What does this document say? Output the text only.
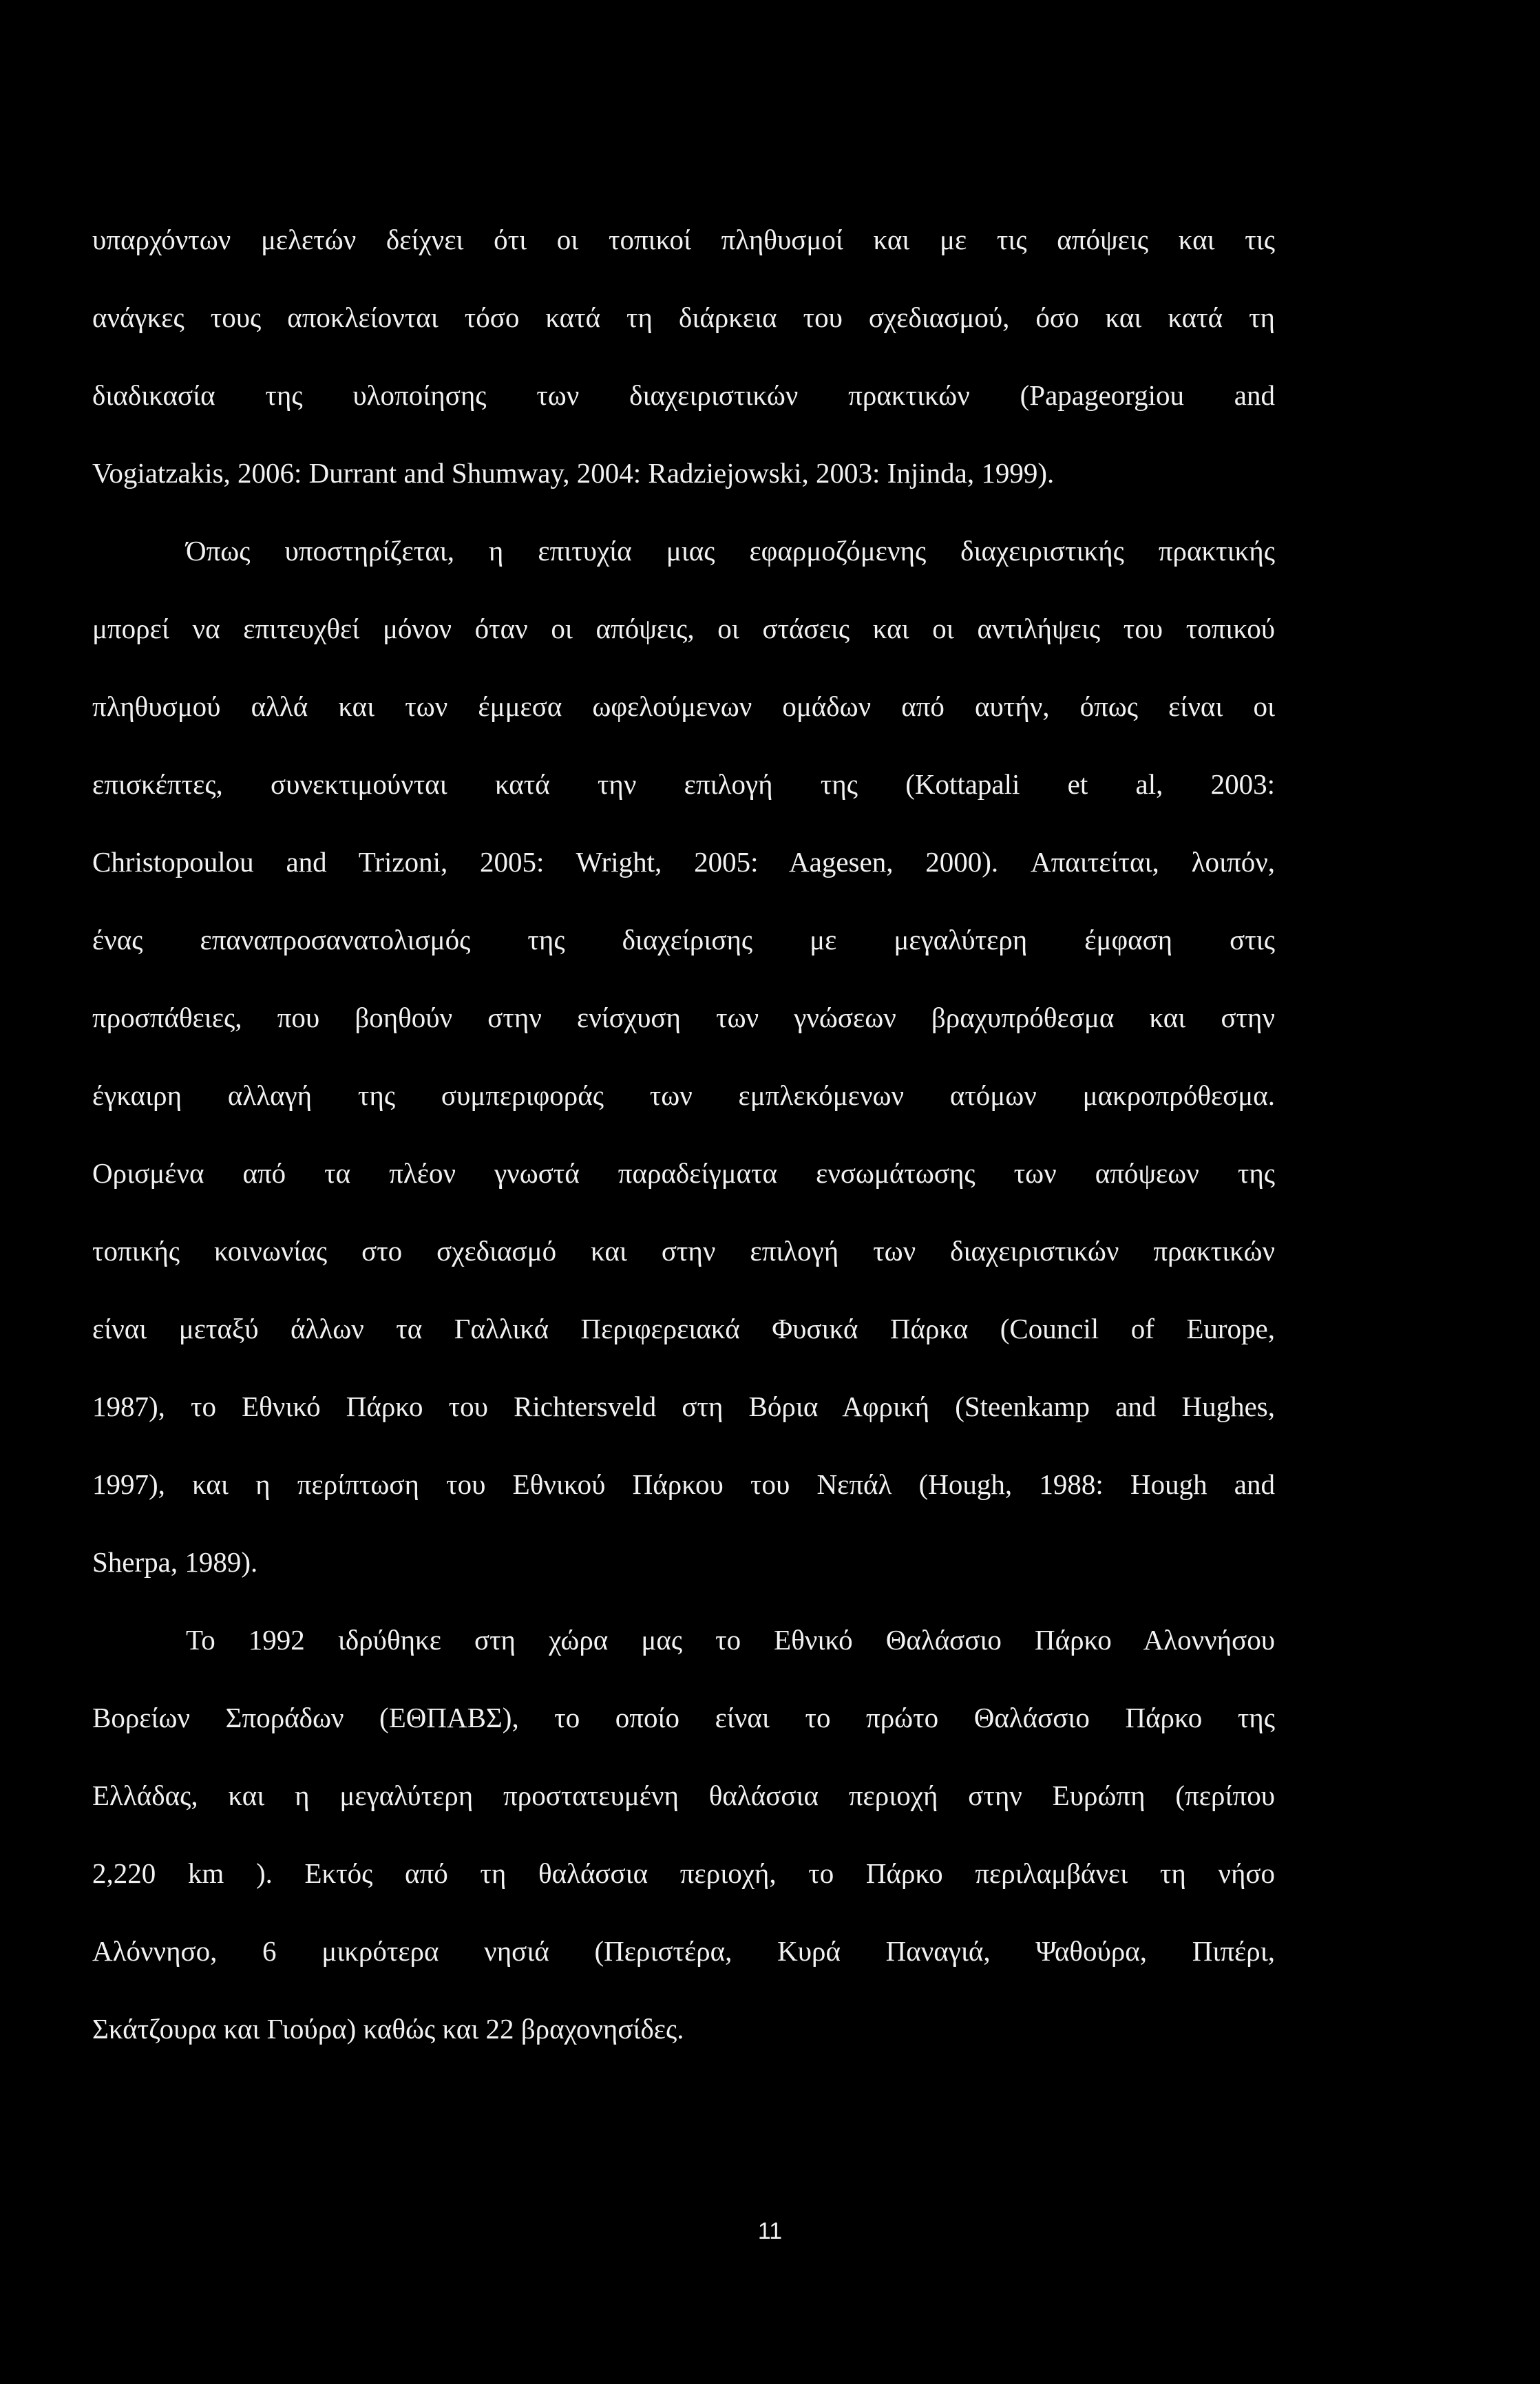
υπαρχόντων μελετών δείχνει ότι οι τοπικοί πληθυσμοί και με τις απόψεις και τις
ανάγκες τους αποκλείονται τόσο κατά τη διάρκεια του σχεδιασμού, όσο και κατά τη
διαδικασία της υλοποίησης των διαχειριστικών πρακτικών (Papageorgiou and
Vogiatzakis, 2006: Durrant and Shumway, 2004: Radziejowski, 2003: Injinda, 1999).
Όπως υποστηρίζεται, η επιτυχία μιας εφαρμοζόμενης διαχειριστικής πρακτικής
μπορεί να επιτευχθεί μόνον όταν οι απόψεις, οι στάσεις και οι αντιλήψεις του τοπικού
πληθυσμού αλλά και των έμμεσα ωφελούμενων ομάδων από αυτήν, όπως είναι οι
επισκέπτες, συνεκτιμούνται κατά την επιλογή της (Kottapali et al, 2003:
Christopoulou and Trizoni, 2005: Wright, 2005: Aagesen, 2000). Απαιτείται, λοιπόν,
ένας επαναπροσανατολισμός της διαχείρισης με μεγαλύτερη έμφαση στις
προσπάθειες, που βοηθούν στην ενίσχυση των γνώσεων βραχυπρόθεσμα και στην
έγκαιρη αλλαγή της συμπεριφοράς των εμπλεκόμενων ατόμων μακροπρόθεσμα.
Ορισμένα από τα πλέον γνωστά παραδείγματα ενσωμάτωσης των απόψεων της
τοπικής κοινωνίας στο σχεδιασμό και στην επιλογή των διαχειριστικών πρακτικών
είναι μεταξύ άλλων τα Γαλλικά Περιφερειακά Φυσικά Πάρκα (Council of Europe,
1987), το Εθνικό Πάρκο του Richtersveld στη Βόρια Αφρική (Steenkamp and Hughes,
1997), και η περίπτωση του Εθνικού Πάρκου του Νεπάλ (Hough, 1988: Hough and
Sherpa, 1989).
Το 1992 ιδρύθηκε στη χώρα μας το Εθνικό Θαλάσσιο Πάρκο Αλοννήσου
Βορείων Σποράδων (ΕΘΠΑΒΣ), το οποίο είναι το πρώτο Θαλάσσιο Πάρκο της
Ελλάδας, και η μεγαλύτερη προστατευμένη θαλάσσια περιοχή στην Ευρώπη (περίπου
2,220 km ). Εκτός από τη θαλάσσια περιοχή, το Πάρκο περιλαμβάνει τη νήσο
Αλόννησο, 6 μικρότερα νησιά (Περιστέρα, Κυρά Παναγιά, Ψαθούρα, Πιπέρι,
Σκάτζουρα και Γιούρα) καθώς και 22 βραχονησίδες.
11
